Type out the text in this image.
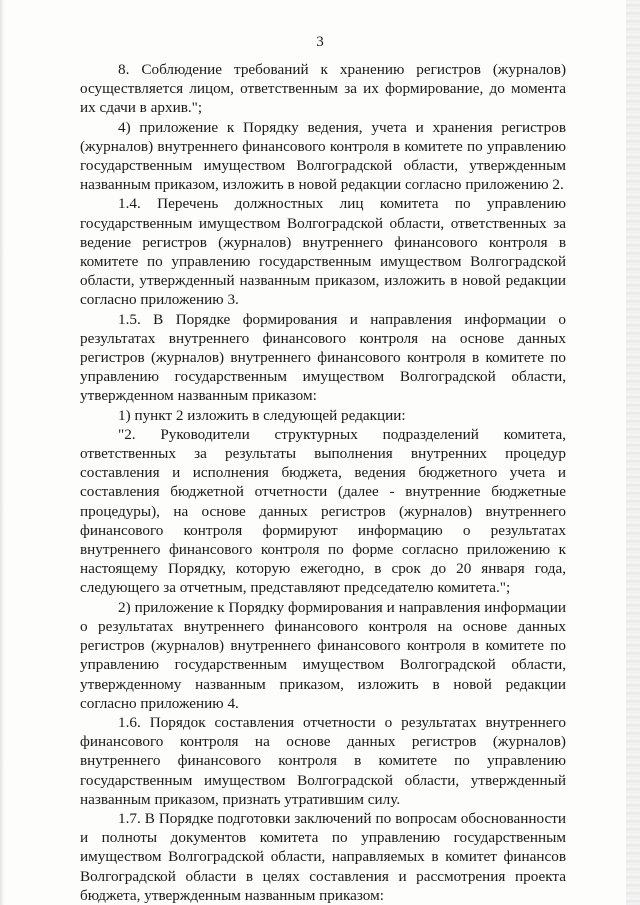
3

8. Соблюдение требований к хранению регистров (журналов) осуществляется лицом, ответственным за их формирование, до момента их сдачи в архив.";

4) приложение к Порядку ведения, учета и хранения регистров (журналов) внутреннего финансового контроля в комитете по управлению государственным имуществом Волгоградской области, утвержденным названным приказом, изложить в новой редакции согласно приложению 2.

1.4. Перечень должностных лиц комитета по управлению государственным имуществом Волгоградской области, ответственных за ведение регистров (журналов) внутреннего финансового контроля в комитете по управлению государственным имуществом Волгоградской области, утвержденный названным приказом, изложить в новой редакции согласно приложению 3.

1.5. В Порядке формирования и направления информации о результатах внутреннего финансового контроля на основе данных регистров (журналов) внутреннего финансового контроля в комитете по управлению государственным имуществом Волгоградской области, утвержденном названным приказом:

1) пункт 2 изложить в следующей редакции:

"2. Руководители структурных подразделений комитета, ответственных за результаты выполнения внутренних процедур составления и исполнения бюджета, ведения бюджетного учета и составления бюджетной отчетности (далее - внутренние бюджетные процедуры), на основе данных регистров (журналов) внутреннего финансового контроля формируют информацию о результатах внутреннего финансового контроля по форме согласно приложению к настоящему Порядку, которую ежегодно, в срок до 20 января года, следующего за отчетным, представляют председателю комитета.";

2) приложение к Порядку формирования и направления информации о результатах внутреннего финансового контроля на основе данных регистров (журналов) внутреннего финансового контроля в комитете по управлению государственным имуществом Волгоградской области, утвержденному названным приказом, изложить в новой редакции согласно приложению 4.

1.6. Порядок составления отчетности о результатах внутреннего финансового контроля на основе данных регистров (журналов) внутреннего финансового контроля в комитете по управлению государственным имуществом Волгоградской области, утвержденный названным приказом, признать утратившим силу.

1.7. В Порядке подготовки заключений по вопросам обоснованности и полноты документов комитета по управлению государственным имуществом Волгоградской области, направляемых в комитет финансов Волгоградской области в целях составления и рассмотрения проекта бюджета, утвержденным названным приказом:
